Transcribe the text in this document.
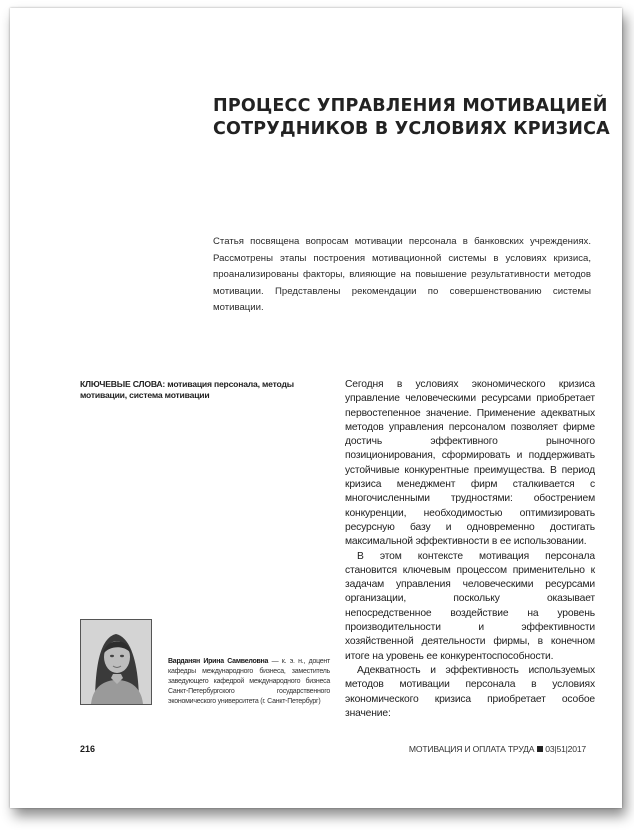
ПРОЦЕСС УПРАВЛЕНИЯ МОТИВАЦИЕЙ
СОТРУДНИКОВ В УСЛОВИЯХ КРИЗИСА

Статья посвящена вопросам мотивации персонала в банковских учреждениях. Рассмотрены этапы построения мотивационной системы в условиях кризиса, проанализированы факторы, влияющие на повышение результативности методов мотивации. Представлены рекомендации по совершенствованию системы мотивации.

КЛЮЧЕВЫЕ СЛОВА: мотивация персонала, методы мотивации, система мотивации

Сегодня в условиях экономического кризиса управление человеческими ресурсами приобретает первостепенное значение. Применение адекватных методов управления персоналом позволяет фирме достичь эффективного рыночного позиционирования, сформировать и поддерживать устойчивые конкурентные преимущества. В период кризиса менеджмент фирм сталкивается с многочисленными трудностями: обострением конкуренции, необходимостью оптимизировать ресурсную базу и одновременно достигать максимальной эффективности в ее использовании.

В этом контексте мотивация персонала становится ключевым процессом применительно к задачам управления человеческими ресурсами организации, поскольку оказывает непосредственное воздействие на уровень производительности и эффективности хозяйственной деятельности фирмы, в конечном итоге на уровень ее конкурентоспособности.

Адекватность и эффективность используемых методов мотивации персонала в условиях экономического кризиса приобретает особое значение:

Варданян Ирина Самвеловна — к. э. н., доцент кафедры международного бизнеса, заместитель заведующего кафедрой международного бизнеса Санкт-Петербургского государственного экономического университета (г. Санкт-Петербург)
216	МОТИВАЦИЯ И ОПЛАТА ТРУДА 03|51|2017
